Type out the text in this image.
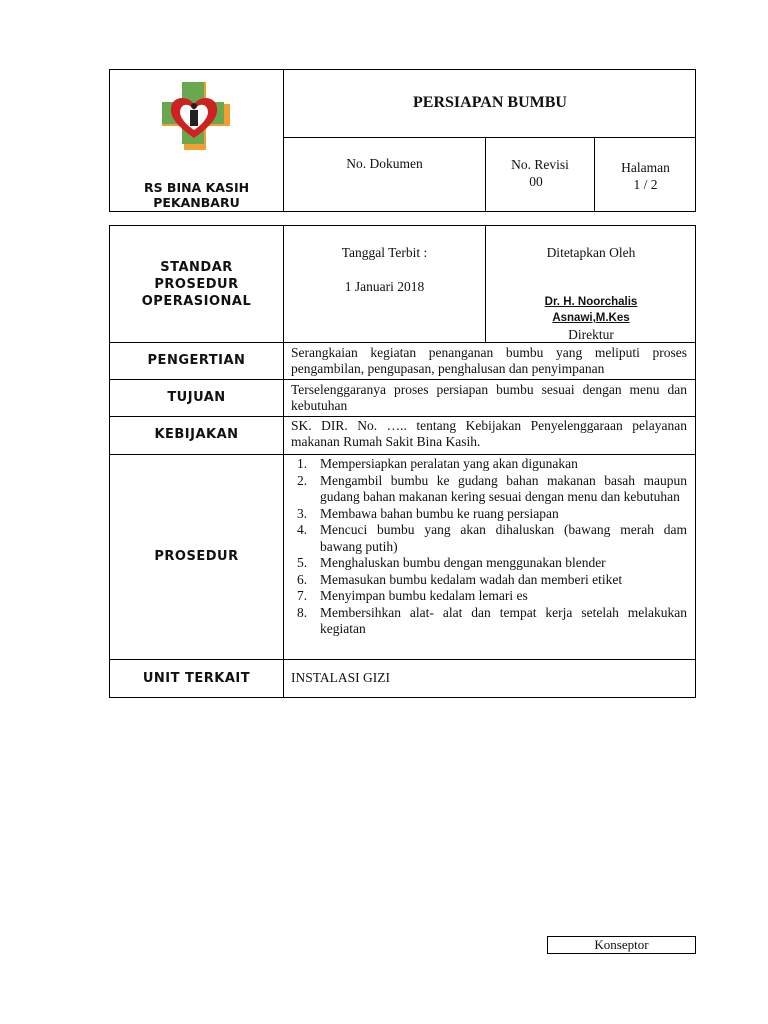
RS BINA KASIH
PEKANBARU
PERSIAPAN BUMBU
No. Dokumen	No. Revisi
00
Halaman
1 / 2
STANDAR
PROSEDUR
OPERASIONAL
Tanggal Terbit :
1 Januari 2018
Ditetapkan Oleh
Dr. H. Noorchalis
Asnawi,M.Kes
Direktur
PENGERTIAN
Serangkaian kegiatan penanganan bumbu yang meliputi proses pengambilan, pengupasan, penghalusan dan penyimpanan
TUJUAN
Terselenggaranya proses persiapan bumbu sesuai dengan menu dan kebutuhan
KEBIJAKAN
SK. DIR. No. ….. tentang Kebijakan Penyelenggaraan pelayanan makanan Rumah Sakit Bina Kasih.
PROSEDUR
1. Mempersiapkan peralatan yang akan digunakan
2. Mengambil bumbu ke gudang bahan makanan basah maupun gudang bahan makanan kering sesuai dengan menu dan kebutuhan
3. Membawa bahan bumbu ke ruang persiapan
4. Mencuci bumbu yang akan dihaluskan (bawang merah dam bawang putih)
5. Menghaluskan bumbu dengan menggunakan blender
6. Memasukan bumbu kedalam wadah dan memberi etiket
7. Menyimpan bumbu kedalam lemari es
8. Membersihkan alat- alat dan tempat kerja setelah melakukan kegiatan
UNIT TERKAIT	INSTALASI GIZI
Konseptor
